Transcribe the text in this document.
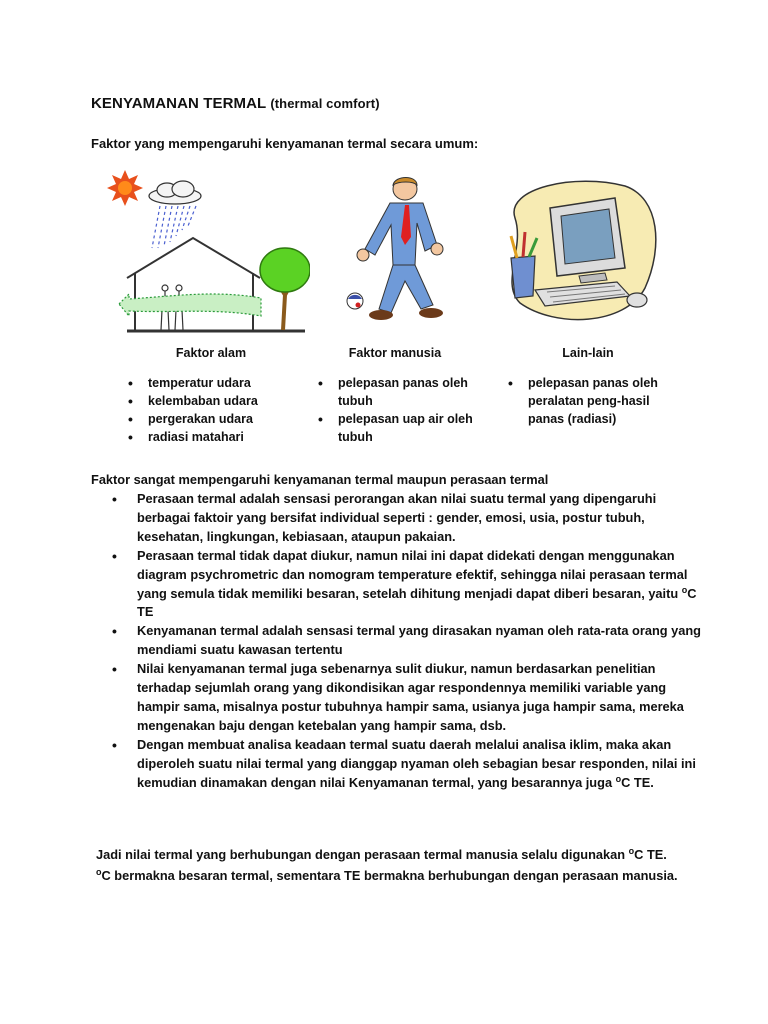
KENYAMANAN TERMAL (thermal comfort)
Faktor yang mempengaruhi kenyamanan termal secara umum:
Faktor alam	Faktor manusia	Lain-lain
• temperatur udara
• kelembaban udara
• pergerakan udara
• radiasi matahari
• pelepasan panas oleh tubuh
• pelepasan uap air oleh tubuh
• pelepasan panas oleh peralatan peng-hasil panas (radiasi)
Faktor sangat mempengaruhi kenyamanan termal maupun perasaan termal
• Perasaan termal adalah sensasi perorangan akan nilai suatu termal yang dipengaruhi berbagai faktoir yang bersifat individual seperti : gender, emosi, usia, postur tubuh, kesehatan, lingkungan, kebiasaan, ataupun pakaian.
• Perasaan termal tidak dapat diukur, namun nilai ini dapat didekati dengan menggunakan diagram psychrometric dan nomogram temperature efektif, sehingga nilai perasaan termal yang semula tidak memiliki besaran, setelah dihitung menjadi dapat diberi besaran, yaitu $^o$C TE
• Kenyamanan termal adalah sensasi termal yang dirasakan nyaman oleh rata-rata orang yang mendiami suatu kawasan tertentu
• Nilai kenyamanan termal juga sebenarnya sulit diukur, namun berdasarkan penelitian terhadap sejumlah orang yang dikondisikan agar respondennya memiliki variable yang hampir sama, misalnya postur tubuhnya hampir sama, usianya juga hampir sama, mereka mengenakan baju dengan ketebalan yang hampir sama, dsb.
• Dengan membuat analisa keadaan termal suatu daerah melalui analisa iklim, maka akan diperoleh suatu nilai termal yang dianggap nyaman oleh sebagian besar responden, nilai ini kemudian dinamakan dengan nilai Kenyamanan termal, yang besarannya juga $^o$C TE.
Jadi nilai termal yang berhubungan dengan perasaan termal manusia selalu digunakan $^o$C TE.
$^o$C bermakna besaran termal, sementara TE bermakna berhubungan dengan perasaan manusia.
